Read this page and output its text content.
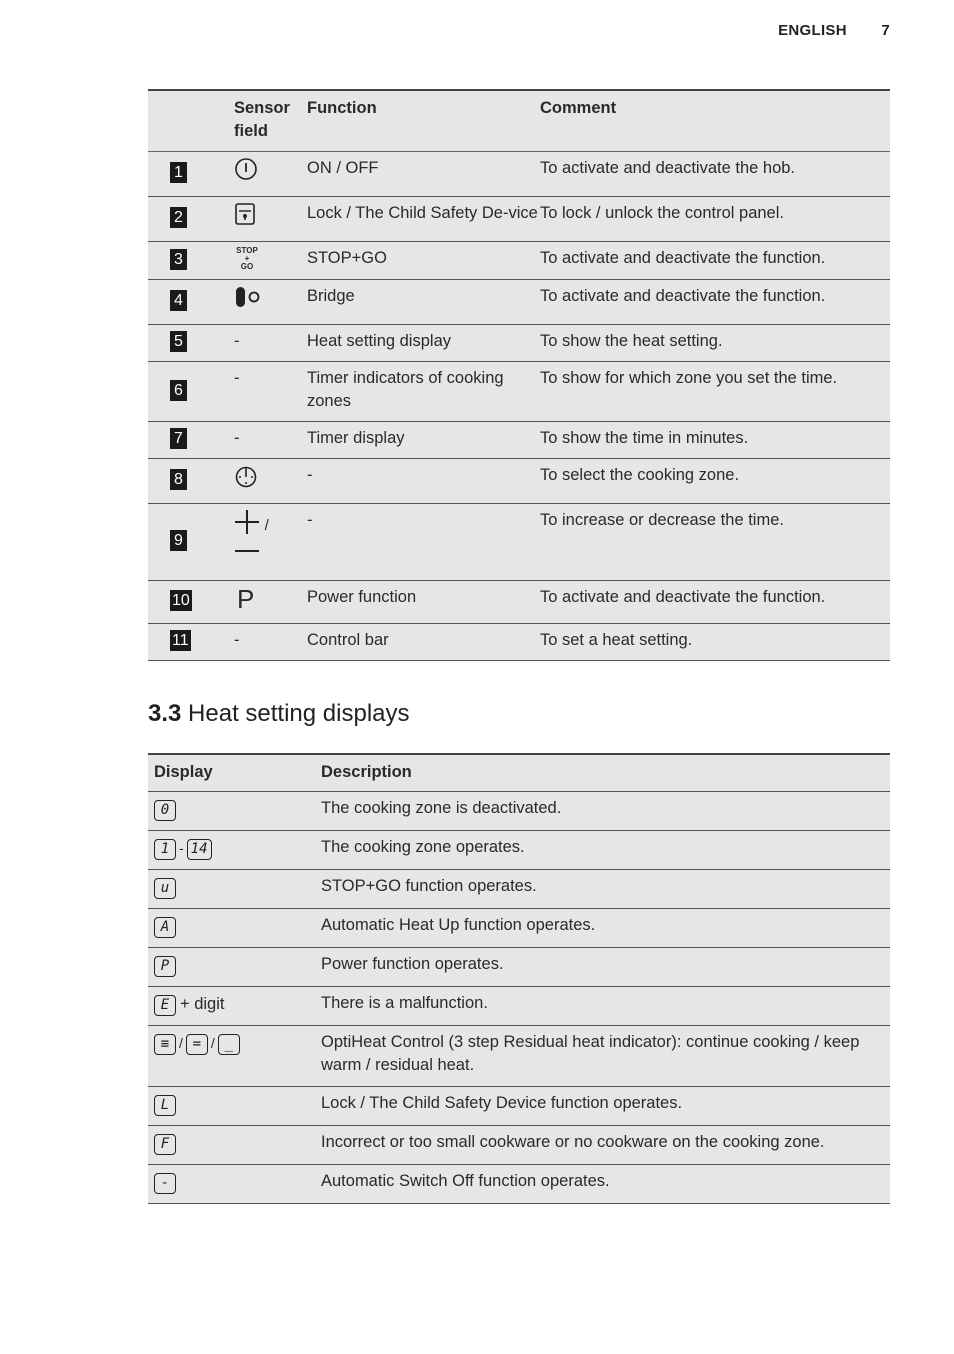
ENGLISH 7
	Sensor field	Function	Comment
1		ON / OFF	To activate and deactivate the hob.
2		Lock / The Child Safety De-vice	To lock / unlock the control panel.
3	STOP
+
GO	STOP+GO	To activate and deactivate the function.
4		Bridge	To activate and deactivate the function.
5	-	Heat setting display	To show the heat setting.
6	-	Timer indicators of cooking zones	To show for which zone you set the time.
7	-	Timer display	To show the time in minutes.
8		-	To select the cooking zone.
9	/	-	To increase or decrease the time.
10	P	Power function	To activate and deactivate the function.
11	-	Control bar	To set a heat setting.
3.3 Heat setting displays
Display	Description
0	The cooking zone is deactivated.
1 - 14	The cooking zone operates.
u	STOP+GO function operates.
A	Automatic Heat Up function operates.
P	Power function operates.
E + digit	There is a malfunction.
≡ / = / _	OptiHeat Control (3 step Residual heat indicator): continue cooking / keep warm / residual heat.
L	Lock / The Child Safety Device function operates.
F	Incorrect or too small cookware or no cookware on the cooking zone.
-	Automatic Switch Off function operates.
